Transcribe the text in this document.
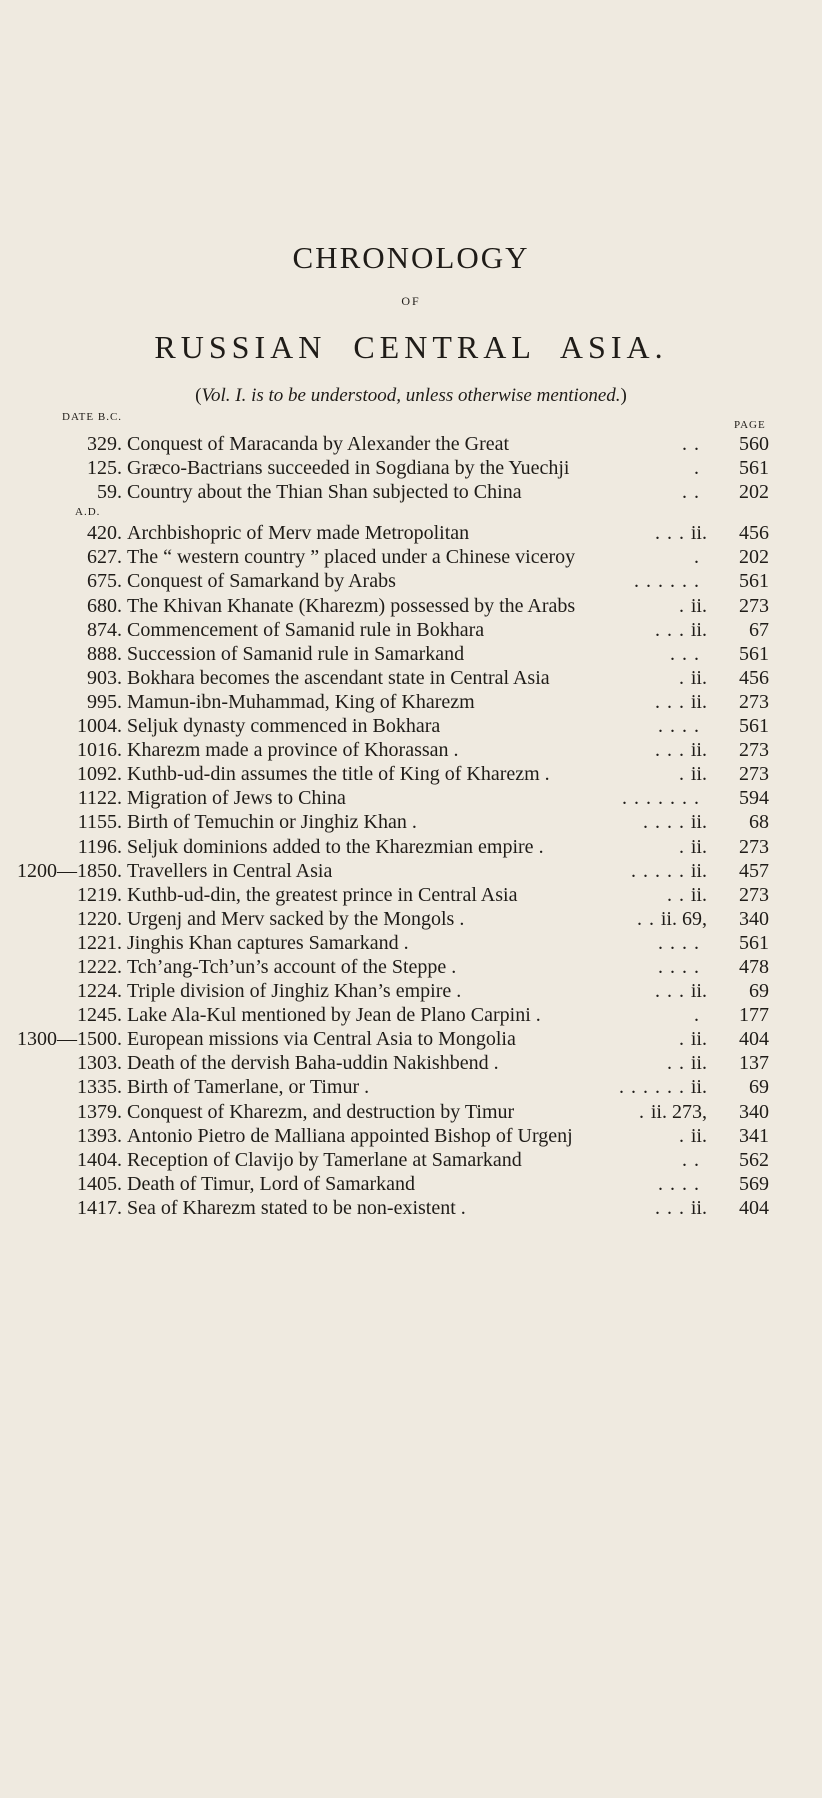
CHRONOLOGY
OF
RUSSIAN CENTRAL ASIA.
(Vol. I. is to be understood, unless otherwise mentioned.)
DATE B.C.
PAGE
A.D.
329. Conquest of Maracanda by Alexander the Great	. .	560
125. Græco-Bactrians succeeded in Sogdiana by the Yuechji	.	561
59. Country about the Thian Shan subjected to China	. .	202
420. Archbishopric of Merv made Metropolitan	. . . ii.	456
627. The “ western country ” placed under a Chinese viceroy	.	202
675. Conquest of Samarkand by Arabs	. . . . . .	561
680. The Khivan Khanate (Kharezm) possessed by the Arabs	. ii.	273
874. Commencement of Samanid rule in Bokhara	. . . ii.	67
888. Succession of Samanid rule in Samarkand	. . .	561
903. Bokhara becomes the ascendant state in Central Asia	. ii.	456
995. Mamun-ibn-Muhammad, King of Kharezm	. . . ii.	273
1004. Seljuk dynasty commenced in Bokhara	. . . .	561
1016. Kharezm made a province of Khorassan .	. . . ii.	273
1092. Kuthb-ud-din assumes the title of King of Kharezm .	. ii.	273
1122. Migration of Jews to China	. . . . . . .	594
1155. Birth of Temuchin or Jinghiz Khan .	. . . . ii.	68
1196. Seljuk dominions added to the Kharezmian empire .	. ii.	273
1200—1850. Travellers in Central Asia	. . . . . ii.	457
1219. Kuthb-ud-din, the greatest prince in Central Asia	. . ii.	273
1220. Urgenj and Merv sacked by the Mongols .	. . ii. 69,	340
1221. Jinghis Khan captures Samarkand .	. . . .	561
1222. Tch’ang-Tch’un’s account of the Steppe .	. . . .	478
1224. Triple division of Jinghiz Khan’s empire .	. . . ii.	69
1245. Lake Ala-Kul mentioned by Jean de Plano Carpini .	.	177
1300—1500. European missions via Central Asia to Mongolia	. ii.	404
1303. Death of the dervish Baha-uddin Nakishbend .	. . ii.	137
1335. Birth of Tamerlane, or Timur .	. . . . . . ii.	69
1379. Conquest of Kharezm, and destruction by Timur	. ii. 273,	340
1393. Antonio Pietro de Malliana appointed Bishop of Urgenj	. ii.	341
1404. Reception of Clavijo by Tamerlane at Samarkand	. .	562
1405. Death of Timur, Lord of Samarkand	. . . .	569
1417. Sea of Kharezm stated to be non-existent .	. . . ii.	404
